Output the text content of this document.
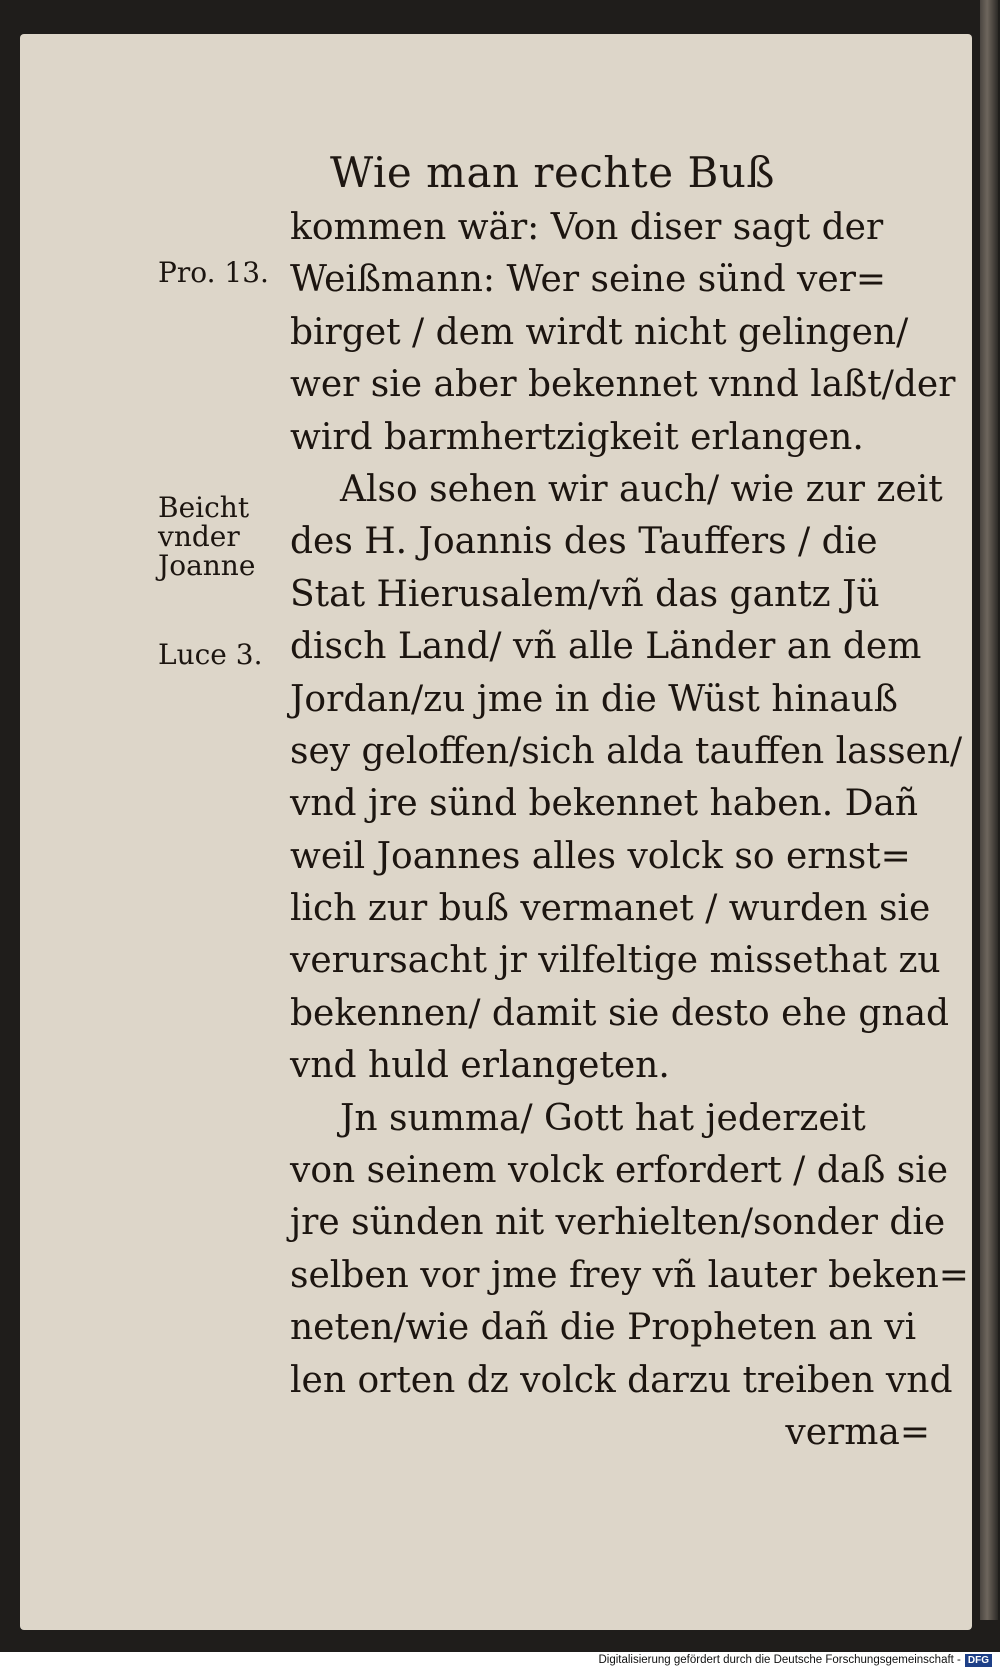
Wie man rechte Buß
Pro. 13.
Beicht
vnder
Joanne
Luce 3.
kommen wär: Von diser sagt der
Weißmann: Wer seine sünd ver=
birget / dem wirdt nicht gelingen/
wer sie aber bekennet vnnd laßt/der
wird barmhertzigkeit erlangen.
Also sehen wir auch/ wie zur zeit
des H. Joannis des Tauffers / die
Stat Hierusalem/vñ das gantz Jü
disch Land/ vñ alle Länder an dem
Jordan/zu jme in die Wüst hinauß
sey geloffen/sich alda tauffen lassen/
vnd jre sünd bekennet haben. Dañ
weil Joannes alles volck so ernst=
lich zur buß vermanet / wurden sie
verursacht jr vilfeltige missethat zu
bekennen/ damit sie desto ehe gnad
vnd huld erlangeten.
Jn summa/ Gott hat jederzeit
von seinem volck erfordert / daß sie
jre sünden nit verhielten/sonder die
selben vor jme frey vñ lauter beken=
neten/wie dañ die Propheten an vi
len orten dz volck darzu treiben vnd
verma=
Digitalisierung gefördert durch die Deutsche Forschungsgemeinschaft - DFG
